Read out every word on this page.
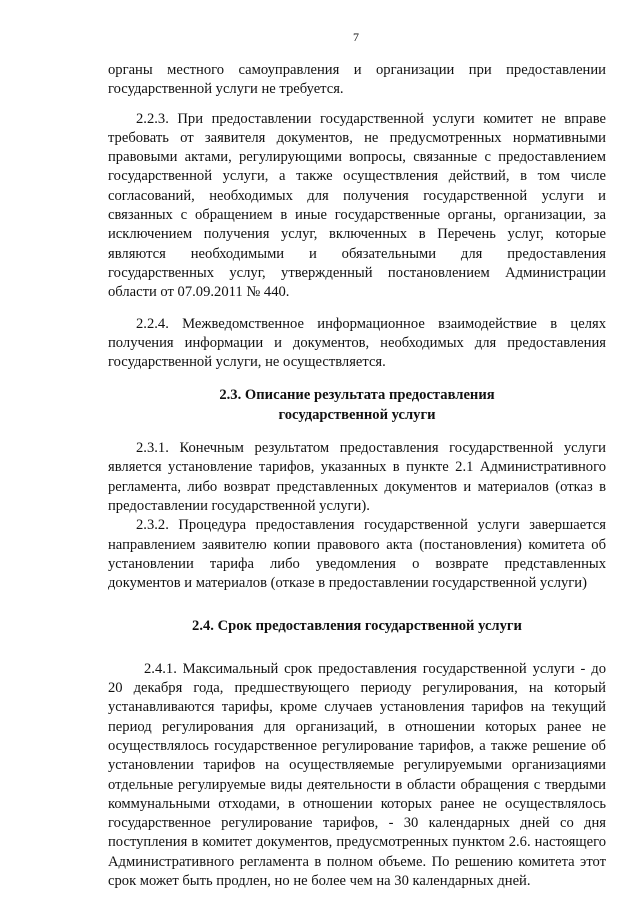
7

органы местного самоуправления и организации при предоставлении государственной услуги не требуется.

2.2.3. При предоставлении государственной услуги комитет не вправе требовать от заявителя документов, не предусмотренных нормативными правовыми актами, регулирующими вопросы, связанные с предоставлением государственной услуги, а также осуществления действий, в том числе согласований, необходимых для получения государственной услуги и связанных с обращением в иные государственные органы, организации, за исключением получения услуг, включенных в Перечень услуг, которые являются необходимыми и обязательными для предоставления государственных услуг, утвержденный постановлением Администрации области от 07.09.2011 № 440.

2.2.4. Межведомственное информационное взаимодействие в целях получения информации и документов, необходимых для предоставления государственной услуги, не осуществляется.

2.3. Описание результата предоставления
государственной услуги

2.3.1. Конечным результатом предоставления государственной услуги является установление тарифов, указанных в пункте 2.1 Административного регламента, либо возврат представленных документов и материалов (отказ в предоставлении государственной услуги).

2.3.2. Процедура предоставления государственной услуги завершается направлением заявителю копии правового акта (постановления) комитета об установлении тарифа либо уведомления о возврате представленных документов и материалов (отказе в предоставлении государственной услуги)

2.4. Срок предоставления государственной услуги

2.4.1. Максимальный срок предоставления государственной услуги - до 20 декабря года, предшествующего периоду регулирования, на который устанавливаются тарифы, кроме случаев установления тарифов на текущий период регулирования для организаций, в отношении которых ранее не осуществлялось государственное регулирование тарифов, а также решение об установлении тарифов на осуществляемые регулируемыми организациями отдельные регулируемые виды деятельности в области обращения с твердыми коммунальными отходами, в отношении которых ранее не осуществлялось государственное регулирование тарифов, - 30 календарных дней со дня поступления в комитет документов, предусмотренных пунктом 2.6. настоящего Административного регламента в полном объеме. По решению комитета этот срок может быть продлен, но не более чем на 30 календарных дней.
